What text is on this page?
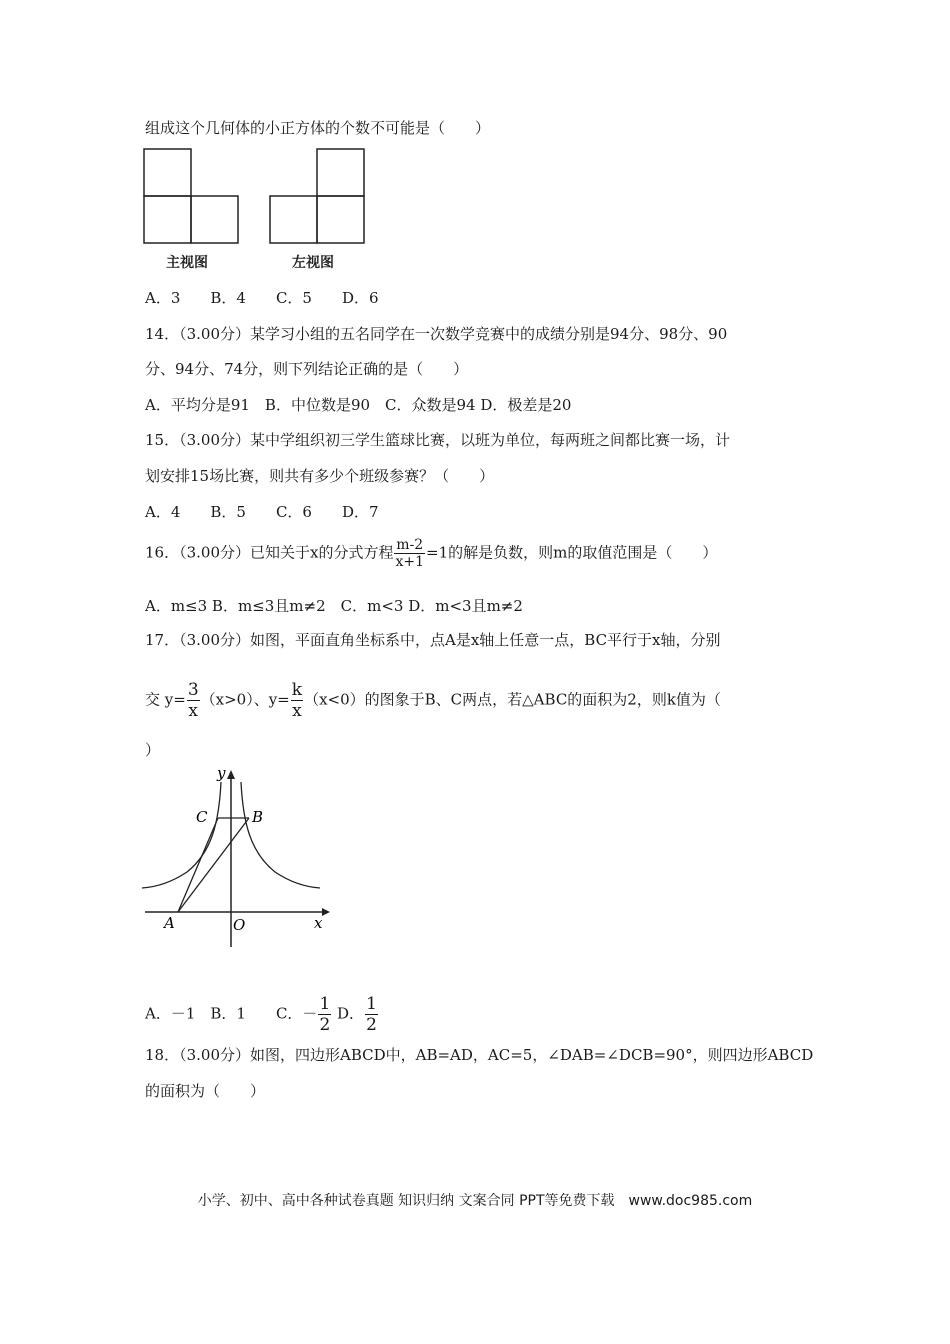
组成这个几何体的小正方体的个数不可能是（　　）
主视图	左视图
A．3　　B．4　　C．5　　D．6
14．（3.00分）某学习小组的五名同学在一次数学竞赛中的成绩分别是94分、98分、90
分、94分、74分，则下列结论正确的是（　　）
A．平均分是91　B．中位数是90　C．众数是94 D．极差是20
15．（3.00分）某中学组织初三学生篮球比赛，以班为单位，每两班之间都比赛一场，计
划安排15场比赛，则共有多少个班级参赛？（　　）
A．4　　B．5　　C．6　　D．7
16．（3.00分）已知关于x的分式方程 $\frac{m-2}{x+1} =1$的解是负数，则m的取值范围是（　　）
A．m≤3 B．m≤3且m≠2　C．m<3 D．m<3且m≠2
17．（3.00分）如图，平面直角坐标系中，点A是x轴上任意一点，BC平行于x轴，分别
交 $y= \frac{3}{x} (x>0)$、$y= \frac{k}{x} (x<0)$的图象于B、C两点，若△ABC的面积为2，则k值为（
）
y
x
O
A
B
C
A．－1　B．1　　C．－ $\frac{1}{2}$ D． $\frac{1}{2}$
18．（3.00分）如图，四边形ABCD中，AB=AD，AC=5，∠DAB=∠DCB=90°，则四边形ABCD
的面积为（　　）
小学、初中、高中各种试卷真题 知识归纳 文案合同 PPT等免费下载　www.doc985.com
